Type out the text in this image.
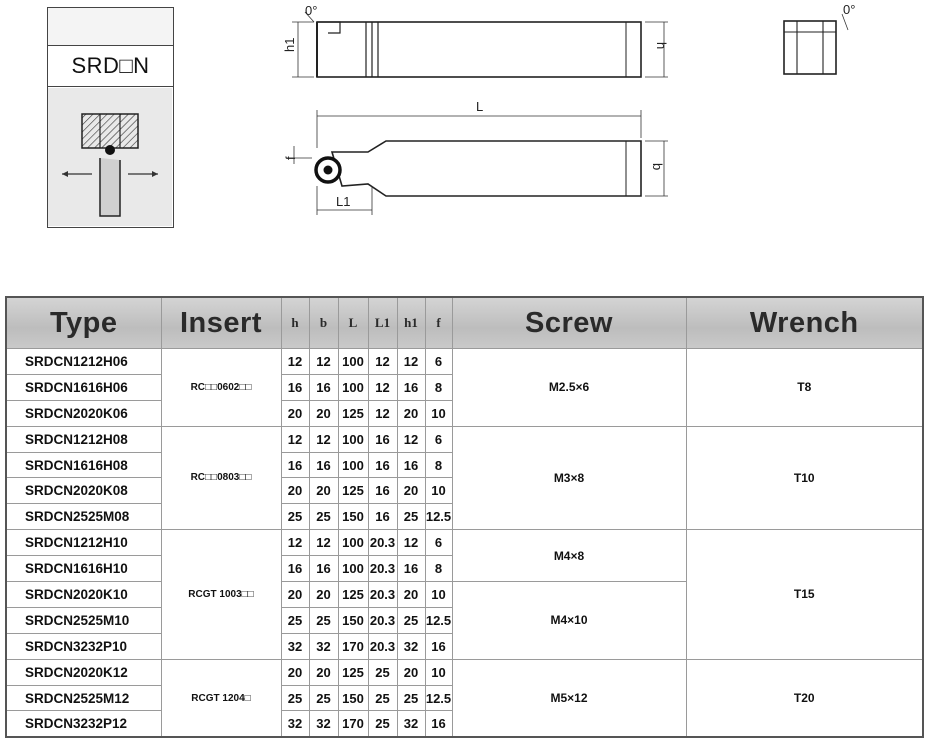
SRD□N
0°
h1	h
0°
L
f
L1
b
Type	Insert	h	b	L	L1	h1	f	Screw	Wrench
SRDCN1212H06	RC□□0602□□	12	12	100	12	12	6	M2.5×6	T8
SRDCN1616H06		16	16	100	12	16	8		
SRDCN2020K06		20	20	125	12	20	10		
SRDCN1212H08	RC□□0803□□	12	12	100	16	12	6	M3×8	T10
SRDCN1616H08		16	16	100	16	16	8		
SRDCN2020K08		20	20	125	16	20	10		
SRDCN2525M08		25	25	150	16	25	12.5		
SRDCN1212H10	RCGT 1003□□	12	12	100	20.3	12	6	M4×8	T15
SRDCN1616H10		16	16	100	20.3	16	8		
SRDCN2020K10		20	20	125	20.3	20	10	M4×10	
SRDCN2525M10		25	25	150	20.3	25	12.5		
SRDCN3232P10		32	32	170	20.3	32	16		
SRDCN2020K12	RCGT 1204□	20	20	125	25	20	10	M5×12	T20
SRDCN2525M12		25	25	150	25	25	12.5		
SRDCN3232P12		32	32	170	25	32	16		
